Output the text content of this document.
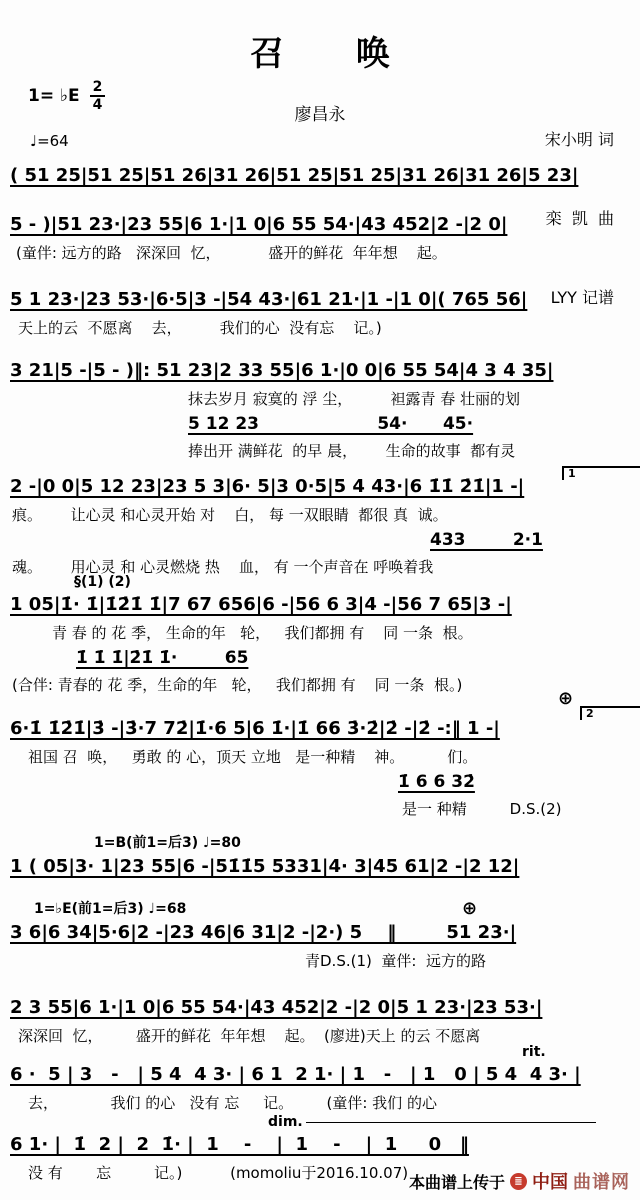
召  唤
廖昌永
1= ♭E $\frac{2}{4}$

宋小明 词

栾  凯  曲

LYY 记谱

♩=64
( 51 25|51 25|51 26|31 26|51 25|51 25|31 26|31 26|5 23|
5 - )|51 23·|23 55|6 1·|1 0|6 55 54·|43 452|2 -|2 0|
(童伴: 远方的路   深深回  忆，          盛开的鲜花  年年想    起。
5 1 23·|23 53·|6·5|3 -|54 43·|61 21·|1 -|1 0|( 765 56|
天上的云  不愿离    去，        我们的心  没有忘    记。)
3 21|5 -|5 - )‖: 51 23|2 33 55|6 1·|0 0|6 55 54|4 3 4 35|
抹去岁月 寂寞的 浮 尘，        袒露青 春 壮丽的划
5 12 23                    54·      45·
捧出开 满鲜花  的早 晨，      生命的故事  都有灵
1
2 -|0 0|5 12 23|23 5 3|6· 5|3 0·5|5 4 43·|6 1̇1̇ 2̇1̇|1 -|
痕。      让心灵 和心灵开始 对    白， 每 一双眼睛  都很 真  诚。
433        2·1
魂。      用心灵 和 心灵燃烧 热    血， 有 一个声音在 呼唤着我
§(1) (2)
1 05|1̇· 1̇|1̇2̇1̇ 1̇|7 67 656|6 -|56 6 3|4 -|56 7 65|3 -|
青 春 的 花 季， 生命的年   轮，   我们都拥 有    同 一条  根。
1̇ 1̇ 1̇|2̇1̇ 1̇·        65
(合伴: 青春的 花 季，生命的年   轮，   我们都拥 有    同 一条  根。)
⊕
2
6·1̇ 1̇2̇1̇|3̇ -|3̇·7 72̇|1̇·6 5|6 1̇·|1̇ 66 3̇·2̇|2̇ -|2̇ -:‖ 1 -|
祖国 召  唤，   勇敢 的 心，顶天 立地   是一种精    神。         们。
1̇ 6 6 32̇
是一 种精         D.S.(2)
1=B(前1=后3) ♩=80
1 ( 05|3· 1|23 55|6 -|51̇1̇5 5331|4· 3|45 61|2 -|2 12|
1=♭E(前1=后3) ♩=68	⊕
3 6|6 34|5·6|2 -|23 46|6 31|2 -|2·) 5    ‖        51 23·|
青D.S.(1)  童伴:  远方的路
2 3 55|6 1·|1 0|6 55 54·|43 452|2 -|2 0|5 1 23·|23 53·|
深深回  忆，       盛开的鲜花  年年想    起。  (廖进)天上 的云 不愿离
rit.
6 ·  5 | 3   -   | 5 4  4 3· | 6 1  2 1· | 1   -   | 1   0 | 5 4  4 3· |
去，           我们 的心   没有 忘     记。       (童伴: 我们 的心
dim.
6 1· |  1̇  2 |  2  1̇· |  1    -    |  1    -    |  1     0   ‖
没 有       忘         记。)          (momoliu于2016.10.07) 本曲谱上传于 ≣ 中国 曲谱网
